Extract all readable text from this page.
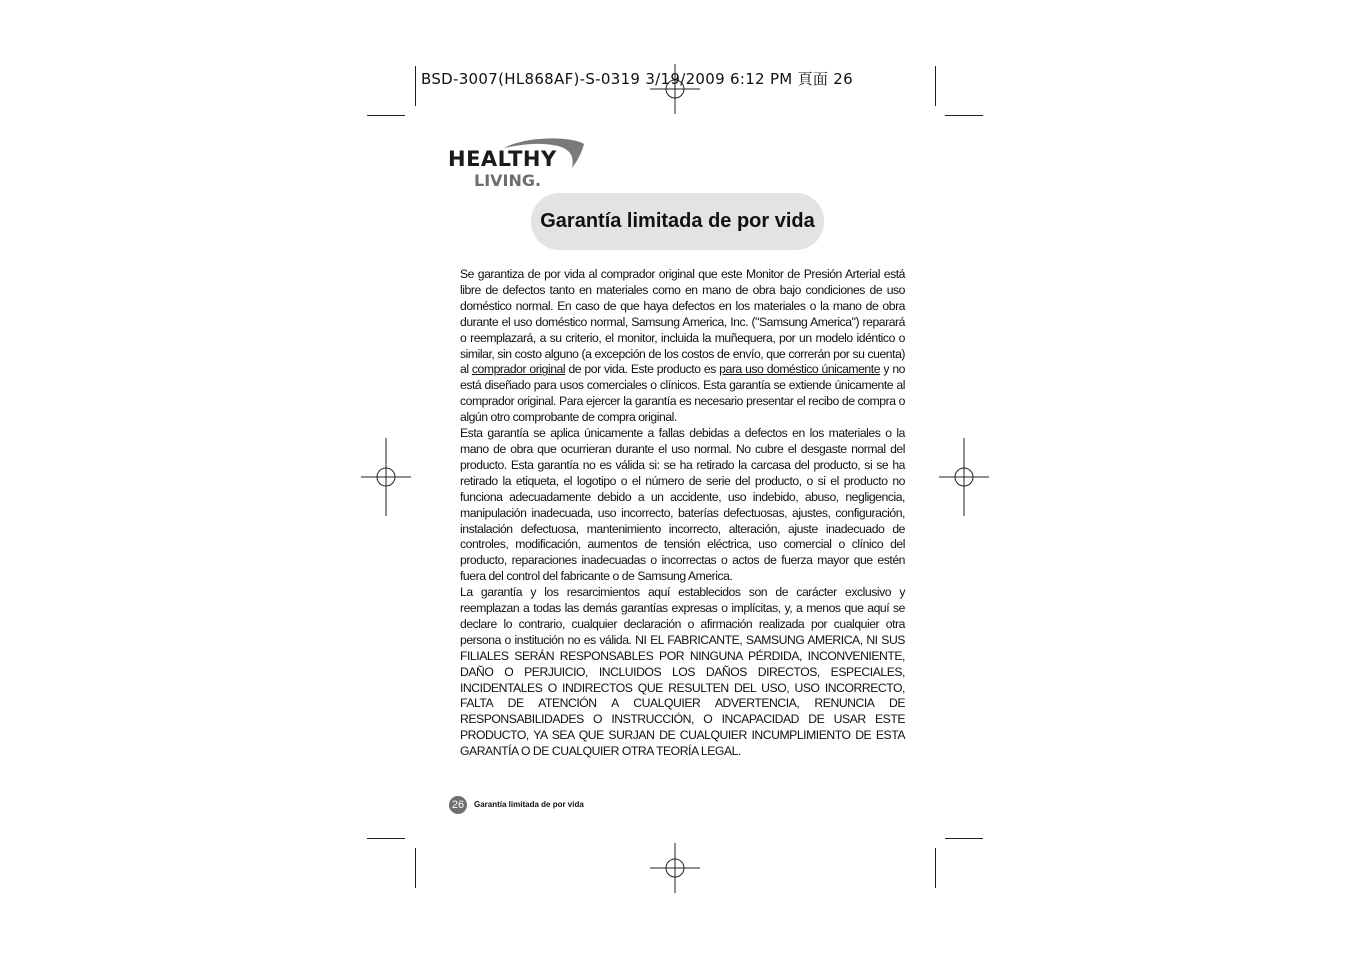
BSD-3007(HL868AF)-S-0319 3/19/2009 6:12 PM 頁面 26
HEALTHY
LIVING.
Garantía limitada de por vida

Se garantiza de por vida al comprador original que este Monitor de Presión Arterial está libre de defectos tanto en materiales como en mano de obra bajo condiciones de uso doméstico normal. En caso de que haya defectos en los materiales o la mano de obra durante el uso doméstico normal, Samsung America, Inc. ("Samsung America") reparará o reemplazará, a su criterio, el monitor, incluida la muñequera, por un modelo idéntico o similar, sin costo alguno (a excepción de los costos de envío, que correrán por su cuenta) al comprador original de por vida. Este producto es para uso doméstico únicamente y no está diseñado para usos comerciales o clínicos. Esta garantía se extiende únicamente al comprador original. Para ejercer la garantía es necesario presentar el recibo de compra o algún otro comprobante de compra original.

Esta garantía se aplica únicamente a fallas debidas a defectos en los materiales o la mano de obra que ocurrieran durante el uso normal. No cubre el desgaste normal del producto. Esta garantía no es válida si: se ha retirado la carcasa del producto, si se ha retirado la etiqueta, el logotipo o el número de serie del producto, o si el producto no funciona adecuadamente debido a un accidente, uso indebido, abuso, negligencia, manipulación inadecuada, uso incorrecto, baterías defectuosas, ajustes, configuración, instalación defectuosa, mantenimiento incorrecto, alteración, ajuste inadecuado de controles, modificación, aumentos de tensión eléctrica, uso comercial o clínico del producto, reparaciones inadecuadas o incorrectas o actos de fuerza mayor que estén fuera del control del fabricante o de Samsung America.

La garantía y los resarcimientos aquí establecidos son de carácter exclusivo y reemplazan a todas las demás garantías expresas o implícitas, y, a menos que aquí se declare lo contrario, cualquier declaración o afirmación realizada por cualquier otra persona o institución no es válida. NI EL FABRICANTE, SAMSUNG AMERICA, NI SUS FILIALES SERÁN RESPONSABLES POR NINGUNA PÉRDIDA, INCONVENIENTE, DAÑO O PERJUICIO, INCLUIDOS LOS DAÑOS DIRECTOS, ESPECIALES, INCIDENTALES O INDIRECTOS QUE RESULTEN DEL USO, USO INCORRECTO, FALTA DE ATENCIÓN A CUALQUIER ADVERTENCIA, RENUNCIA DE RESPONSABILIDADES O INSTRUCCIÓN, O INCAPACIDAD DE USAR ESTE PRODUCTO, YA SEA QUE SURJAN DE CUALQUIER INCUMPLIMIENTO DE ESTA GARANTÍA O DE CUALQUIER OTRA TEORÍA LEGAL.

26	Garantía limitada de por vida
